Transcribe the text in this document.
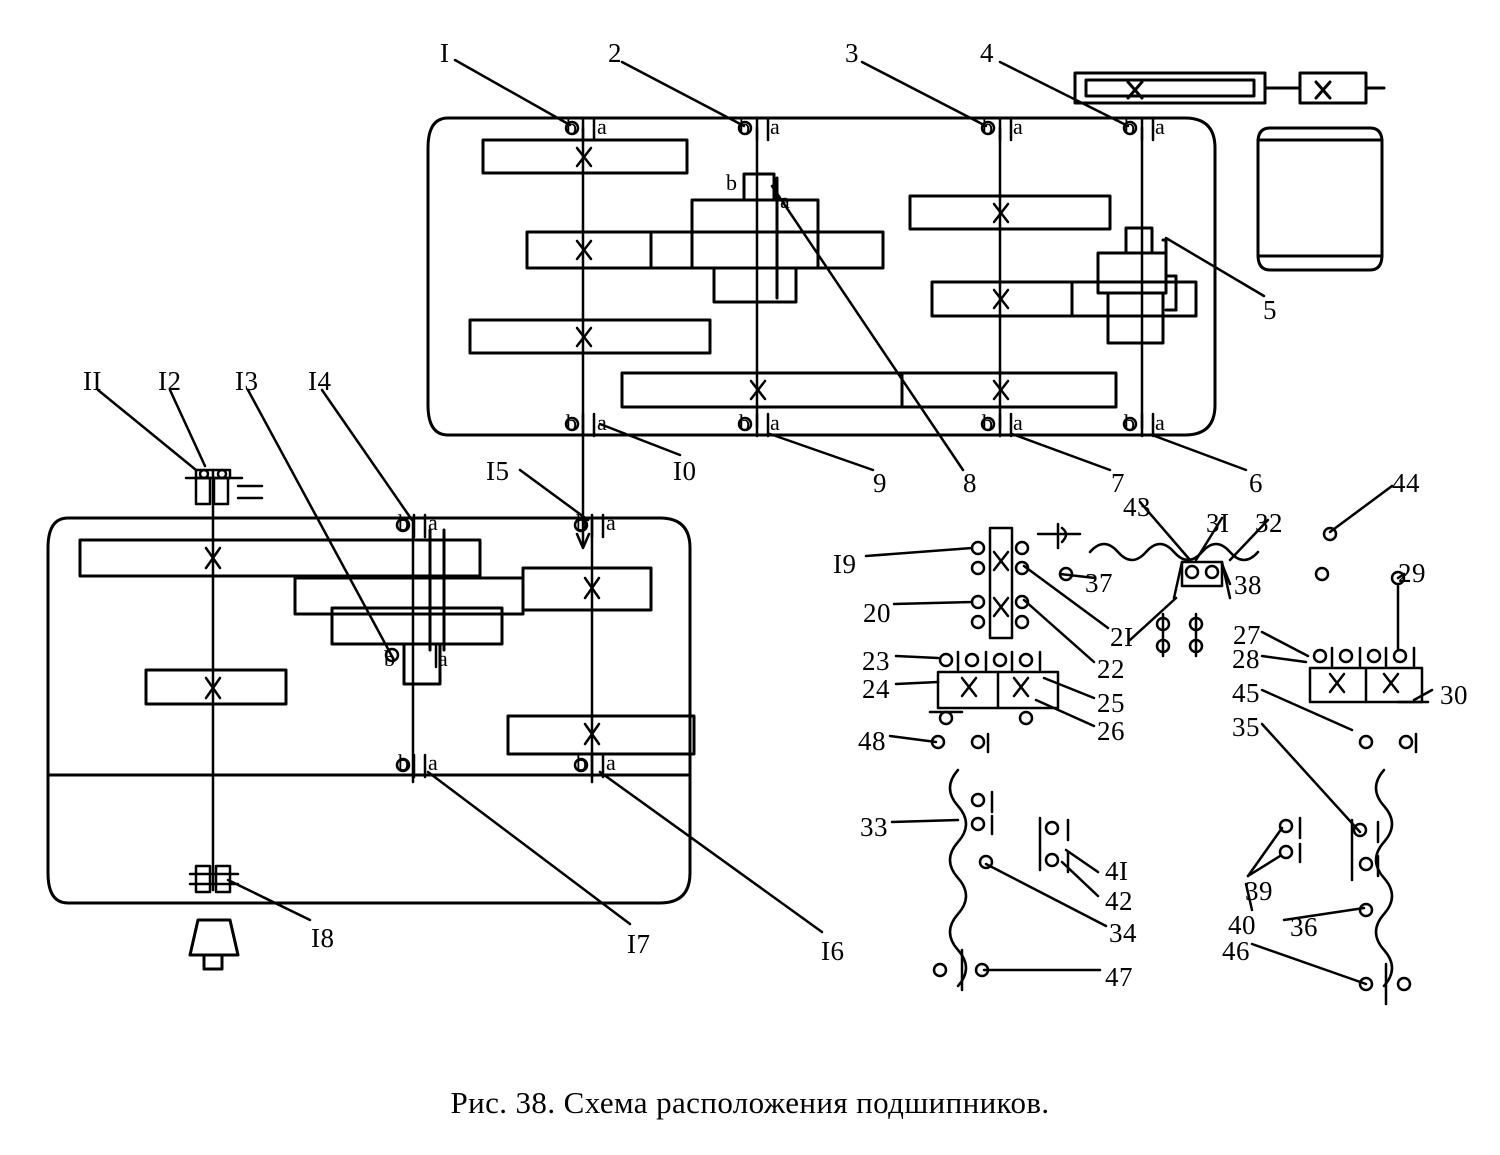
I	2	3	4
5
6
7
8
9
I0
II I2 I3 I4
I5
I6
I7
I8
I9
20
2I
22
23
24	25
26
27
28
29
30
3I 32
33
34
35
36
37	38
39
40
4I
42
43
44
45
46
47
48
b a	b a	b a	b a
b a	b a	b a	b a
b
a
b a	b a
b a	b a
b a
Рис. 38. Схема расположения подшипников.
